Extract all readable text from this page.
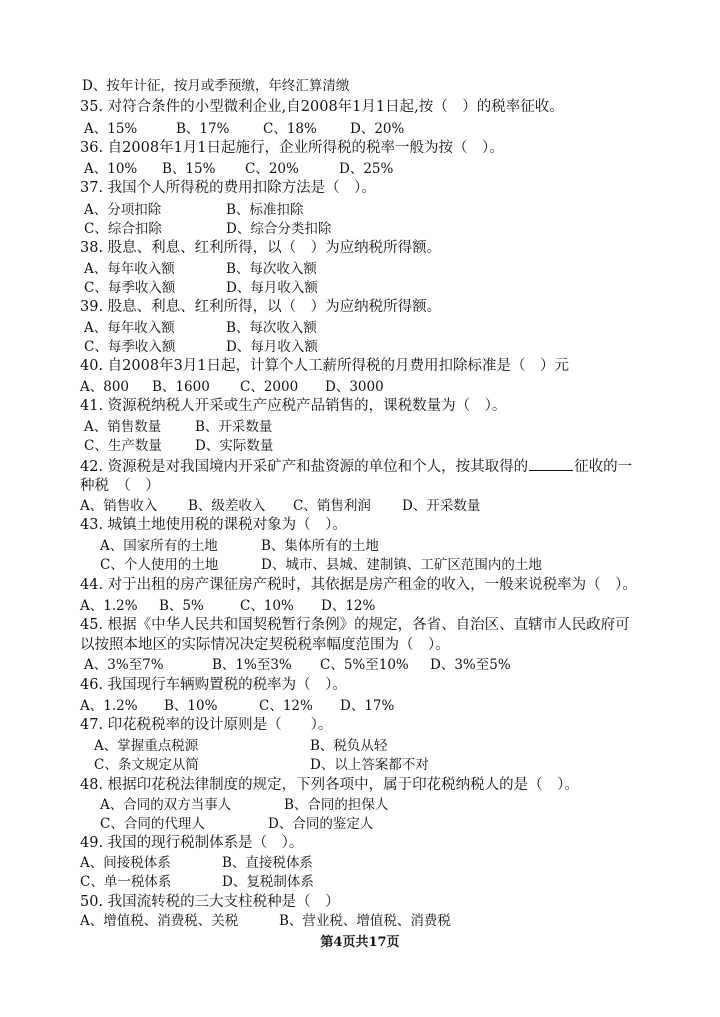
D、按年计征，按月或季预缴，年终汇算清缴
35. 对符合条件的小型微利企业,自2008年1月1日起,按（　）的税率征收。
A、15%	B、17% C、18% D、20%
36. 自2008年1月1日起施行，企业所得税的税率一般为按（　）。
A、10% B、15% C、20%	D、25%
37. 我国个人所得税的费用扣除方法是（　）。
A、分项扣除	B、标准扣除
C、综合扣除	D、综合分类扣除
38. 股息、利息、红利所得，以（　）为应纳税所得额。
A、每年收入额	B、每次收入额
C、每季收入额	D、每月收入额
39. 股息、利息、红利所得，以（　）为应纳税所得额。
A、每年收入额	B、每次收入额
C、每季收入额	D、每月收入额
40. 自2008年3月1日起，计算个人工薪所得税的月费用扣除标准是（　）元
A、800 B、1600 C、2000 D、3000
41. 资源税纳税人开采或生产应税产品销售的，课税数量为（　）。
A、销售数量	B、开采数量
C、生产数量 D、实际数量
42. 资源税是对我国境内开采矿产和盐资源的单位和个人，按其取得的	征收的一
种税　（　）
A、销售收入 B、级差收入 C、销售利润 D、开采数量
43. 城镇土地使用税的课税对象为（　）。
A、国家所有的土地	B、集体所有的土地
C、个人使用的土地	D、城市、县城、建制镇、工矿区范围内的土地
44. 对于出租的房产课征房产税时，其依据是房产租金的收入，一般来说税率为（　）。
A、1.2% B、5%	C、10% D、12%
45. 根据《中华人民共和国契税暂行条例》的规定，各省、自治区、直辖市人民政府可
以按照本地区的实际情况决定契税税率幅度范围为（　）。
A、3%至7%	B、1%至3% C、5%至10% D、3%至5%
46. 我国现行车辆购置税的税率为（　）。
A、1.2% B、10%	C、12% D、17%
47. 印花税税率的设计原则是（　　）。
A、掌握重点税源	B、税负从轻
C、条文规定从简	D、以上答案都不对
48. 根据印花税法律制度的规定，下列各项中，属于印花税纳税人的是（　）。
A、合同的双方当事人	B、合同的担保人
C、合同的代理人	D、合同的鉴定人
49. 我国的现行税制体系是（　）。
A、间接税体系	B、直接税体系
C、单一税体系	D、复税制体系
50. 我国流转税的三大支柱税种是（　）
A、增值税、消费税、关税	B、营业税、增值税、消费税
第4页共17页
